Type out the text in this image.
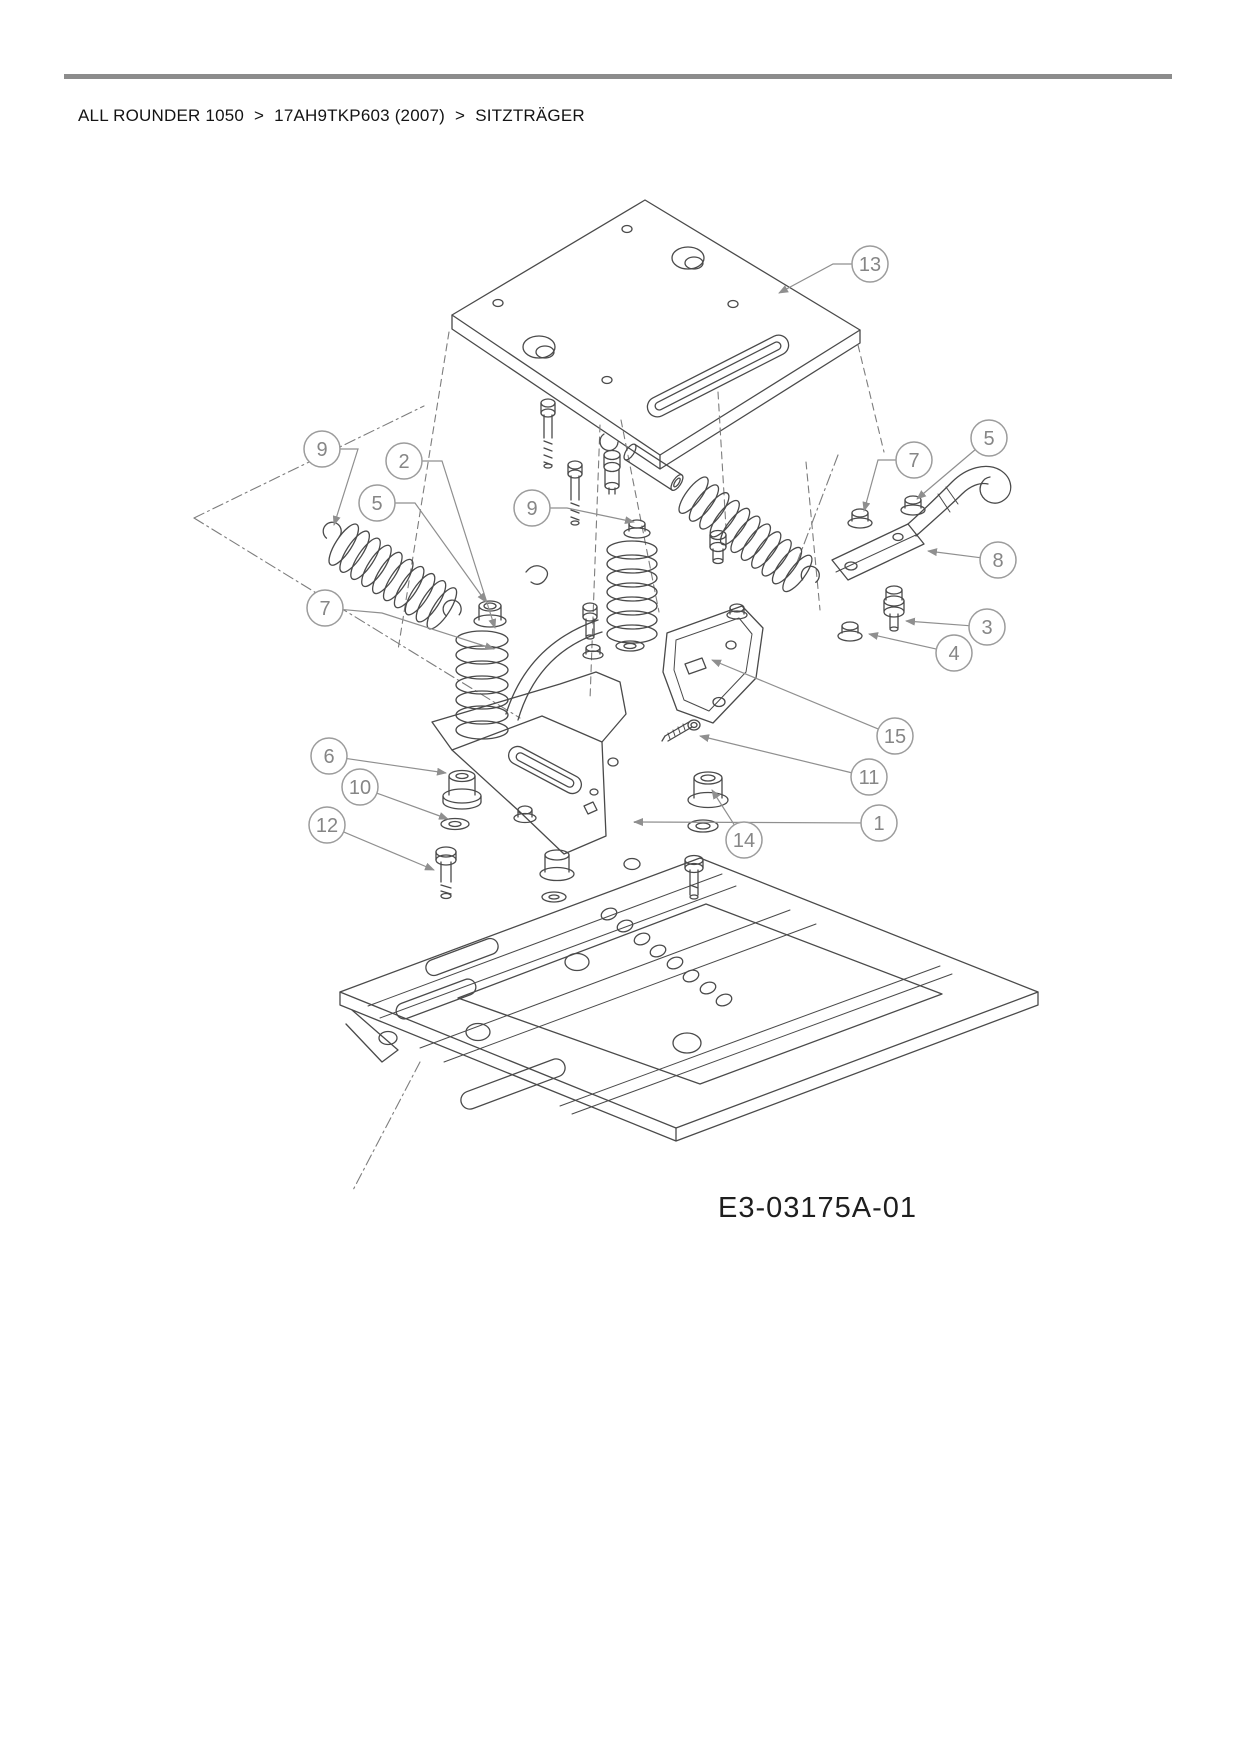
ALL ROUNDER 1050 > 17AH9TKP603 (2007) > SITZTRÄGER
E3-03175A-01
13
9
2
5	9
7
5
8
3
4
7
15
11
1
6
10
12
14
